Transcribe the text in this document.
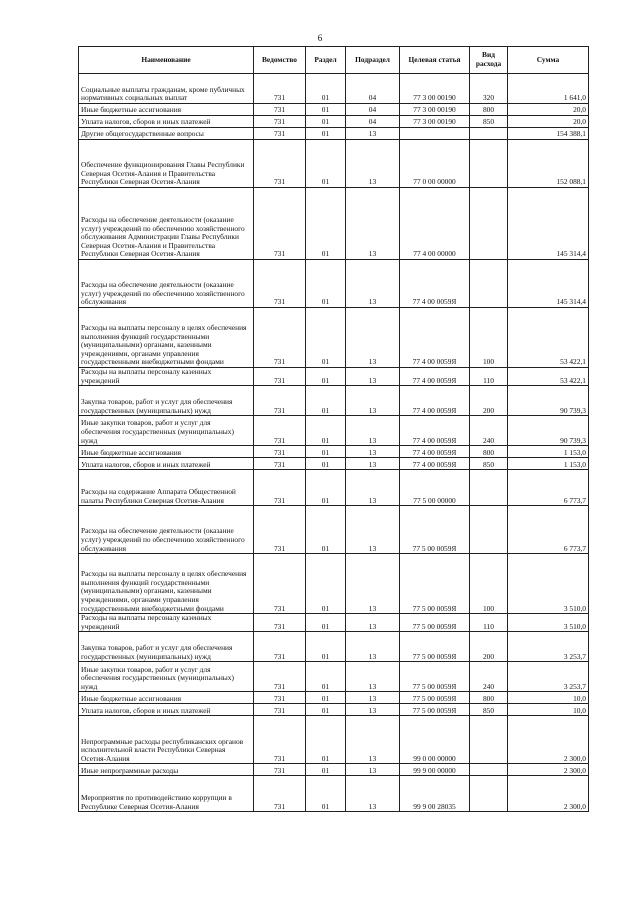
6
Наименование	Ведомство	Раздел	Подраздел	Целевая статья	Вид расхода	Сумма
Социальные выплаты гражданам, кроме публичных нормативных социальных выплат	731	01	04	77 3 00 00190	320	1 641,0
Иные бюджетные ассигнования	731	01	04	77 3 00 00190	800	20,0
Уплата налогов, сборов и иных платежей	731	01	04	77 3 00 00190	850	20,0
Другие общегосударственные вопросы	731	01	13			154 388,1
Обеспечение функционирования Главы Республики Северная Осетия-Алания и Правительства Республики Северная Осетия-Алания	731	01	13	77 0 00 00000		152 088,1
Расходы на обеспечение деятельности (оказание услуг) учреждений по обеспечению хозяйственного обслуживания Администрации Главы Республики Северная Осетия-Алания и Правительства Республики Северная Осетия-Алания	731	01	13	77 4 00 00000		145 314,4
Расходы на обеспечение деятельности (оказание услуг) учреждений по обеспечению хозяйственного обслуживания	731	01	13	77 4 00 0059Я		145 314,4
Расходы на выплаты персоналу в целях обеспечения выполнения функций государственными (муниципальными) органами, казенными учреждениями, органами управления государственными внебюджетными фондами	731	01	13	77 4 00 0059Я	100	53 422,1
Расходы на выплаты персоналу казенных учреждений	731	01	13	77 4 00 0059Я	110	53 422,1
Закупка товаров, работ и услуг для обеспечения государственных (муниципальных) нужд	731	01	13	77 4 00 0059Я	200	90 739,3
Иные закупки товаров, работ и услуг для обеспечения государственных (муниципальных) нужд	731	01	13	77 4 00 0059Я	240	90 739,3
Иные бюджетные ассигнования	731	01	13	77 4 00 0059Я	800	1 153,0
Уплата налогов, сборов и иных платежей	731	01	13	77 4 00 0059Я	850	1 153,0
Расходы на содержание Аппарата Общественной палаты Республики Северная Осетия-Алания	731	01	13	77 5 00 00000		6 773,7
Расходы на обеспечение деятельности (оказание услуг) учреждений по обеспечению хозяйственного обслуживания	731	01	13	77 5 00 0059Я		6 773,7
Расходы на выплаты персоналу в целях обеспечения выполнения функций государственными (муниципальными) органами, казенными учреждениями, органами управления государственными внебюджетными фондами	731	01	13	77 5 00 0059Я	100	3 510,0
Расходы на выплаты персоналу казенных учреждений	731	01	13	77 5 00 0059Я	110	3 510,0
Закупка товаров, работ и услуг для обеспечения государственных (муниципальных) нужд	731	01	13	77 5 00 0059Я	200	3 253,7
Иные закупки товаров, работ и услуг для обеспечения государственных (муниципальных) нужд	731	01	13	77 5 00 0059Я	240	3 253,7
Иные бюджетные ассигнования	731	01	13	77 5 00 0059Я	800	10,0
Уплата налогов, сборов и иных платежей	731	01	13	77 5 00 0059Я	850	10,0
Непрограммные расходы республиканских органов исполнительной власти Республики Северная Осетия-Алания	731	01	13	99 0 00 00000		2 300,0
Иные непрограммные расходы	731	01	13	99 9 00 00000		2 300,0
Мероприятия по противодействию коррупции в Республике Северная Осетия-Алания	731	01	13	99 9 00 28035		2 300,0
